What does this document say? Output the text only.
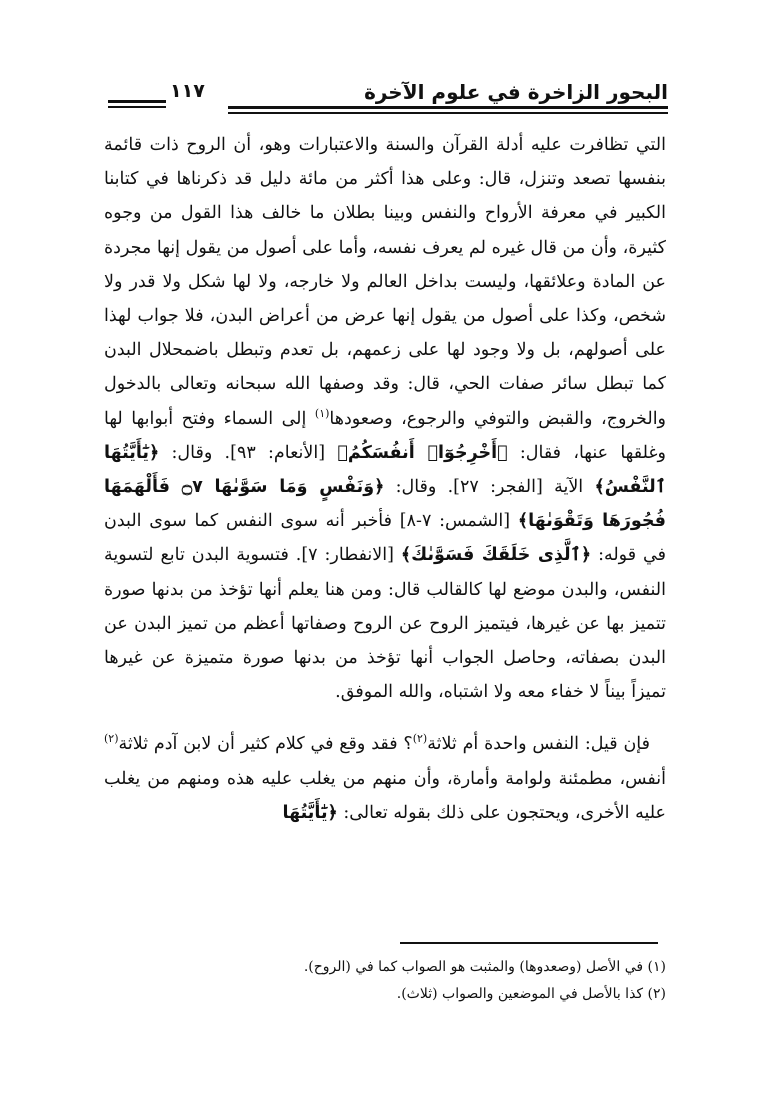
١١٧	البحور الزاخرة في علوم الآخرة

التي تظافرت عليه أدلة القرآن والسنة والاعتبارات وهو، أن الروح ذات قائمة بنفسها تصعد وتنزل، قال: وعلى هذا أكثر من مائة دليل قد ذكرناها في كتابنا الكبير في معرفة الأرواح والنفس وبينا بطلان ما خالف هذا القول من وجوه كثيرة، وأن من قال غيره لم يعرف نفسه، وأما على أصول من يقول إنها مجردة عن المادة وعلائقها، وليست بداخل العالم ولا خارجه، ولا لها شكل ولا قدر ولا شخص، وكذا على أصول من يقول إنها عرض من أعراض البدن، فلا جواب لهذا على أصولهم، بل ولا وجود لها على زعمهم، بل تعدم وتبطل باضمحلال البدن كما تبطل سائر صفات الحي، قال: وقد وصفها الله سبحانه وتعالى بالدخول والخروج، والقبض والتوفي والرجوع، وصعودها$^{(١)}$ إلى السماء وفتح أبوابها لها وغلقها عنها، فقال: ﴿أَخْرِجُوٓا۟ أَنفُسَكُمُ﴾ [الأنعام: ٩٣]. وقال: ﴿يَٰٓأَيَّتُهَا ٱلنَّفْسُ﴾ الآية [الفجر: ٢٧]. وقال: ﴿وَنَفْسٍ وَمَا سَوَّىٰهَا ۝٧ فَأَلْهَمَهَا فُجُورَهَا وَتَقْوَىٰهَا﴾ [الشمس: ٧-٨] فأخبر أنه سوى النفس كما سوى البدن في قوله: ﴿ٱلَّذِى خَلَقَكَ فَسَوَّىٰكَ﴾ [الانفطار: ٧]. فتسوية البدن تابع لتسوية النفس، والبدن موضع لها كالقالب قال: ومن هنا يعلم أنها تؤخذ من بدنها صورة تتميز بها عن غيرها، فيتميز الروح عن الروح وصفاتها أعظم من تميز البدن عن البدن بصفاته، وحاصل الجواب أنها تؤخذ من بدنها صورة متميزة عن غيرها تميزاً بيناً لا خفاء معه ولا اشتباه، والله الموفق.

فإن قيل: النفس واحدة أم ثلاثة$^{(٢)}$؟ فقد وقع في كلام كثير أن لابن آدم ثلاثة$^{(٢)}$ أنفس، مطمئنة ولوامة وأمارة، وأن منهم من يغلب عليه هذه ومنهم من يغلب عليه الأخرى، ويحتجون على ذلك بقوله تعالى: ﴿يَٰٓأَيَّتُهَا

(١) في الأصل (وصعدوها) والمثبت هو الصواب كما في (الروح).
(٢) كذا بالأصل في الموضعين والصواب (ثلاث).
